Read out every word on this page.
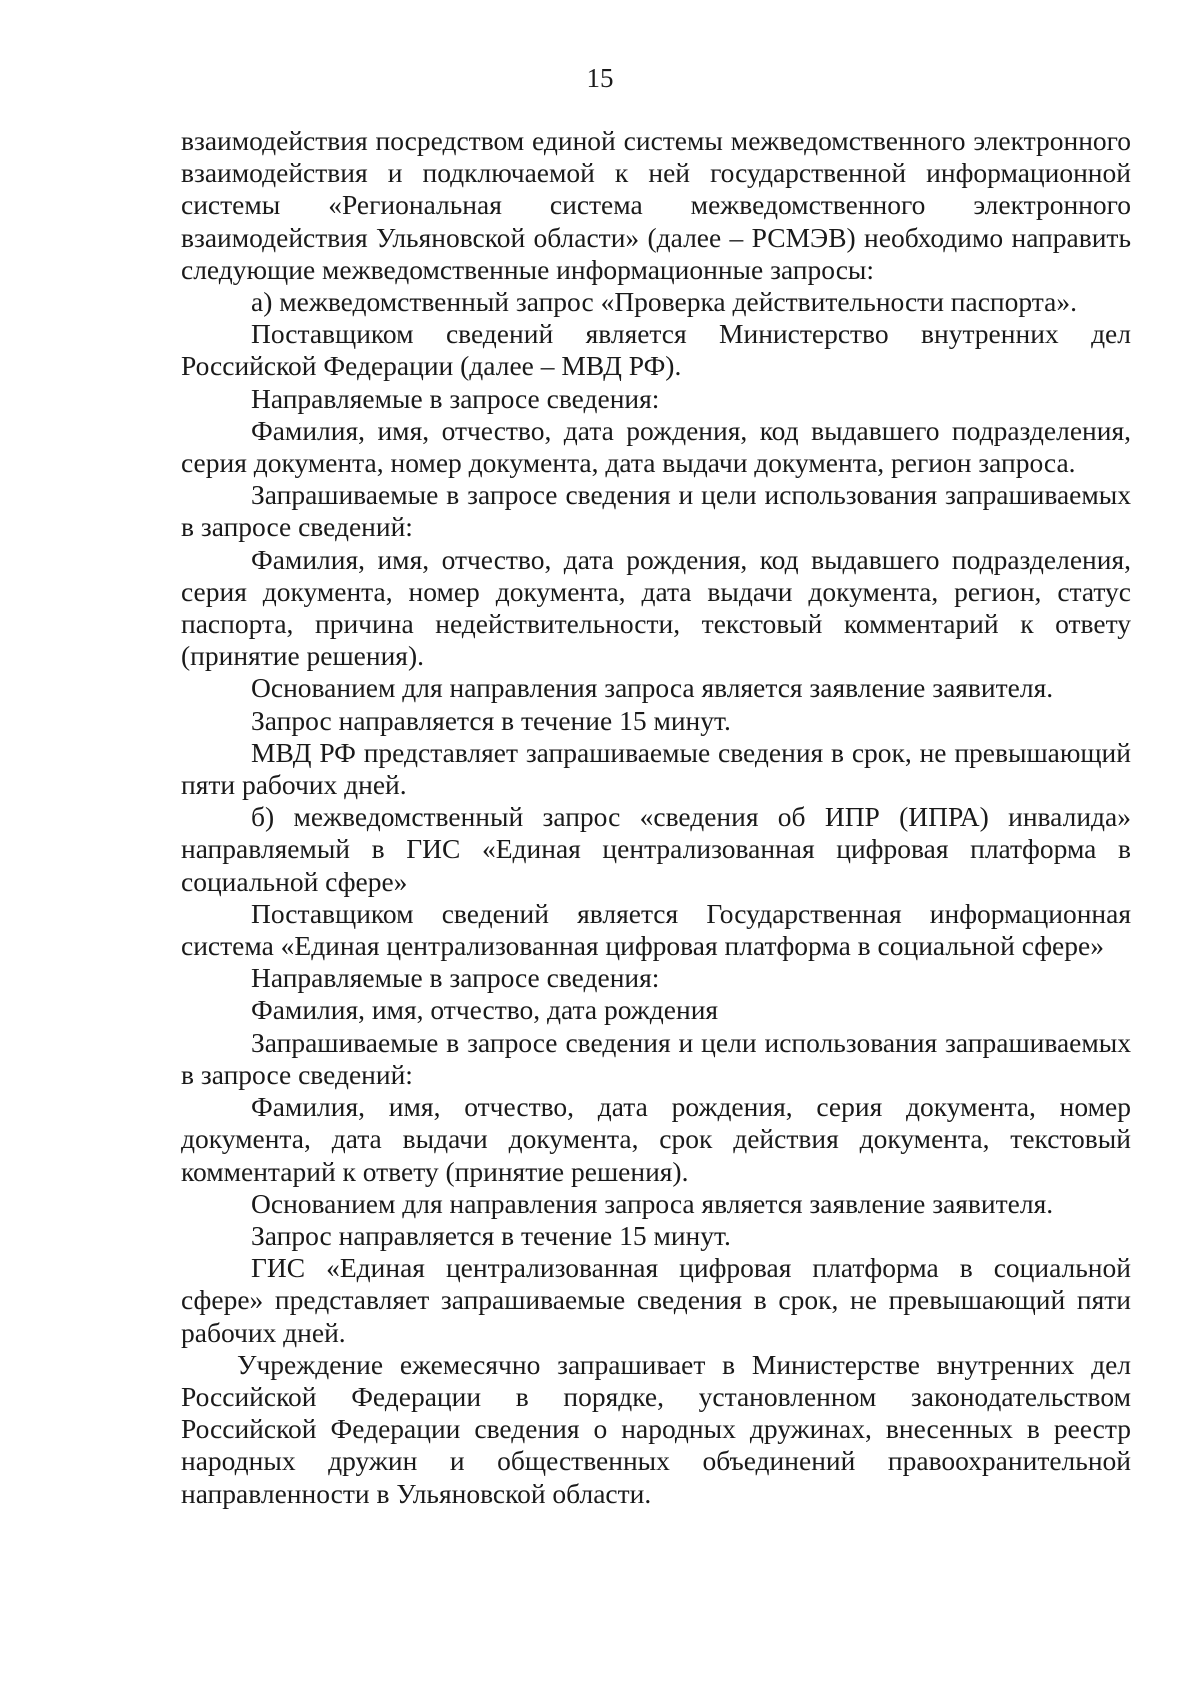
15

взаимодействия посредством единой системы межведомственного электронного взаимодействия и подключаемой к ней государственной информационной системы «Региональная система межведомственного электронного взаимодействия Ульяновской области» (далее – РСМЭВ) необходимо направить следующие межведомственные информационные запросы:

а) межведомственный запрос «Проверка действительности паспорта».

Поставщиком сведений является Министерство внутренних дел Российской Федерации (далее – МВД РФ).

Направляемые в запросе сведения:

Фамилия, имя, отчество, дата рождения, код выдавшего подразделения, серия документа, номер документа, дата выдачи документа, регион запроса.

Запрашиваемые в запросе сведения и цели использования запрашиваемых в запросе сведений:

Фамилия, имя, отчество, дата рождения, код выдавшего подразделения, серия документа, номер документа, дата выдачи документа, регион, статус паспорта, причина недействительности, текстовый комментарий к ответу (принятие решения).

Основанием для направления запроса является заявление заявителя.

Запрос направляется в течение 15 минут.

МВД РФ представляет запрашиваемые сведения в срок, не превышающий пяти рабочих дней.

б) межведомственный запрос «сведения об ИПР (ИПРА) инвалида» направляемый в ГИС «Единая централизованная цифровая платформа в социальной сфере»

Поставщиком сведений является Государственная информационная система «Единая централизованная цифровая платформа в социальной сфере»

Направляемые в запросе сведения:

Фамилия, имя, отчество, дата рождения

Запрашиваемые в запросе сведения и цели использования запрашиваемых в запросе сведений:

Фамилия, имя, отчество, дата рождения, серия документа, номер документа, дата выдачи документа, срок действия документа, текстовый комментарий к ответу (принятие решения).

Основанием для направления запроса является заявление заявителя.

Запрос направляется в течение 15 минут.

ГИС «Единая централизованная цифровая платформа в социальной сфере» представляет запрашиваемые сведения в срок, не превышающий пяти рабочих дней.

Учреждение ежемесячно запрашивает в Министерстве внутренних дел Российской Федерации в порядке, установленном законодательством Российской Федерации сведения о народных дружинах, внесенных в реестр народных дружин и общественных объединений правоохранительной направленности в Ульяновской области.
